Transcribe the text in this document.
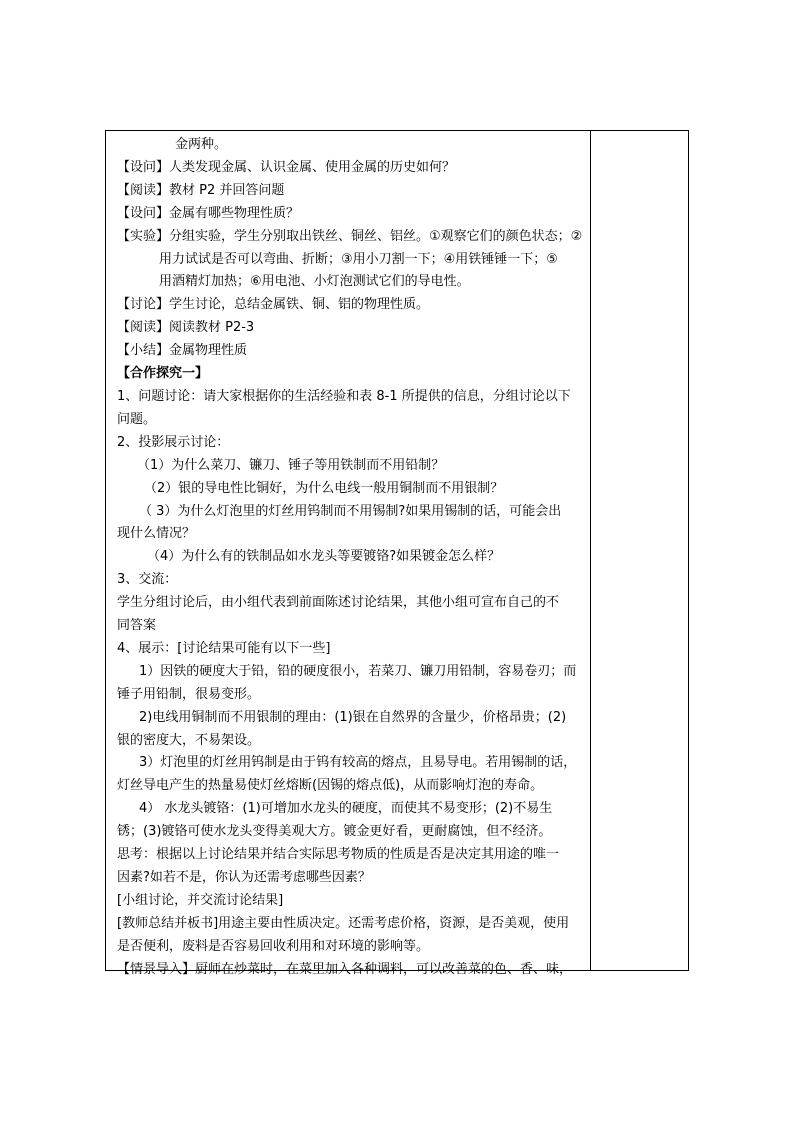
金两种。
【设问】人类发现金属、认识金属、使用金属的历史如何？
【阅读】教材 P2 并回答问题
【设问】金属有哪些物理性质？
【实验】分组实验，学生分别取出铁丝、铜丝、铝丝。①观察它们的颜色状态；②
用力试试是否可以弯曲、折断；③用小刀割一下；④用铁锤锤一下；⑤
用酒精灯加热；⑥用电池、小灯泡测试它们的导电性。
【讨论】学生讨论，总结金属铁、铜、铝的物理性质。
【阅读】阅读教材 P2-3
【小结】金属物理性质
【合作探究一】
1、问题讨论：请大家根据你的生活经验和表 8-1 所提供的信息，分组讨论以下
问题。
2、投影展示讨论：
（1）为什么菜刀、镰刀、锤子等用铁制而不用铅制？
（2）银的导电性比铜好，为什么电线一般用铜制而不用银制？
（ 3）为什么灯泡里的灯丝用钨制而不用锡制?如果用锡制的话，可能会出
现什么情况？
（4）为什么有的铁制品如水龙头等要镀铬?如果镀金怎么样？
3、交流：
学生分组讨论后，由小组代表到前面陈述讨论结果，其他小组可宣布自己的不
同答案
4、展示：[讨论结果可能有以下一些]
1）因铁的硬度大于铅，铅的硬度很小，若菜刀、镰刀用铅制，容易卷刃；而
锤子用铅制，很易变形。
2)电线用铜制而不用银制的理由：(1)银在自然界的含量少，价格昂贵；(2)
银的密度大，不易架设。
3）灯泡里的灯丝用钨制是由于钨有较高的熔点，且易导电。若用锡制的话，
灯丝导电产生的热量易使灯丝熔断(因锡的熔点低)，从而影响灯泡的寿命。
4） 水龙头镀铬：(1)可增加水龙头的硬度，而使其不易变形；(2)不易生
锈；(3)镀铬可使水龙头变得美观大方。镀金更好看，更耐腐蚀，但不经济。
思考：根据以上讨论结果并结合实际思考物质的性质是否是决定其用途的唯一
因素?如若不是，你认为还需考虑哪些因素？
[小组讨论，并交流讨论结果]
[教师总结并板书]用途主要由性质决定。还需考虑价格，资源，是否美观，使用
是否便利，废料是否容易回收利用和对环境的影响等。
【情景导入】厨师在炒菜时，在菜里加入各种调料，可以改善菜的色、香、味，
